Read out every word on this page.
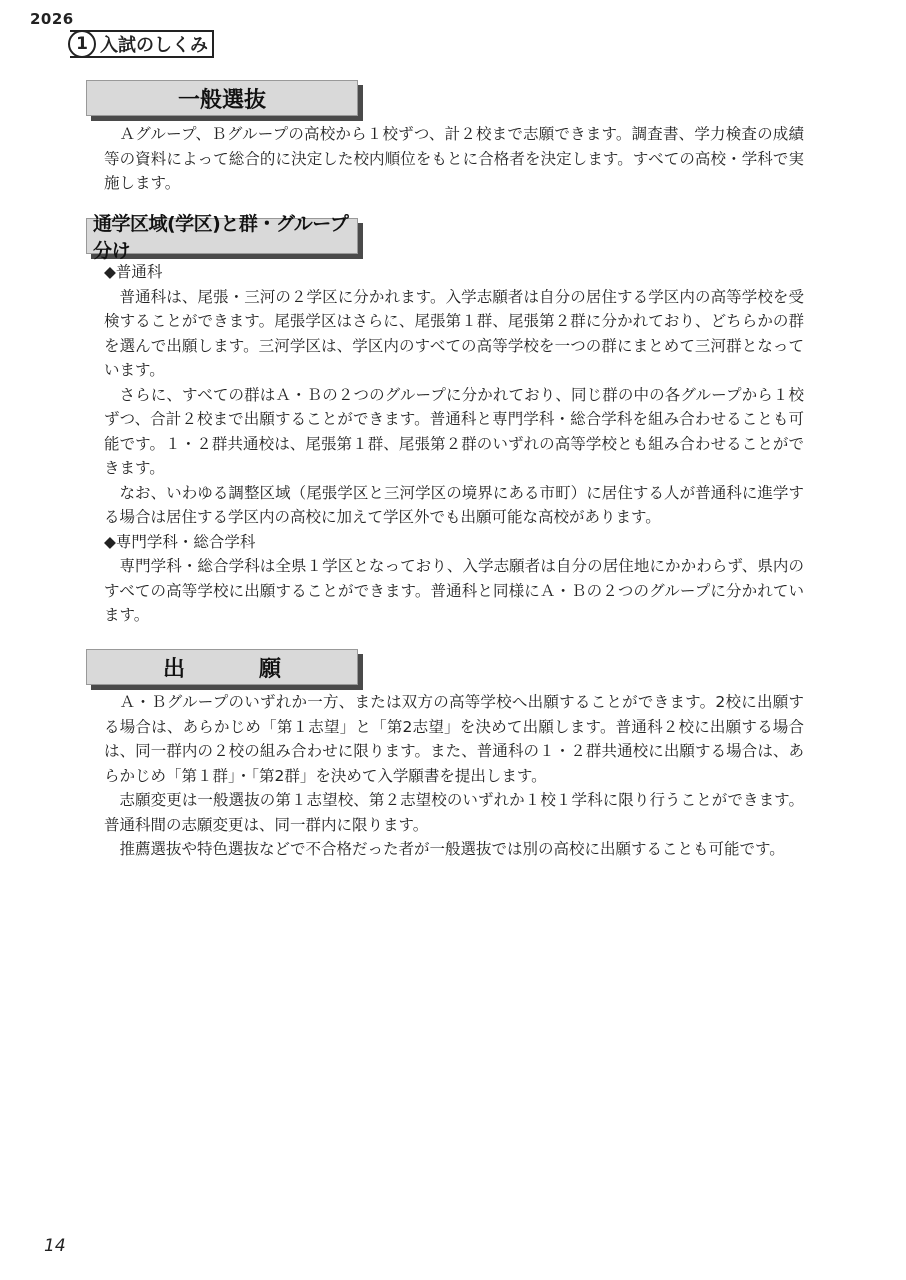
2026
1 入試のしくみ
一般選抜

Ａグループ、Ｂグループの高校から１校ずつ、計２校まで志願できます。調査書、学力検査の成績等の資料によって総合的に決定した校内順位をもとに合格者を決定します。すべての高校・学科で実施します。

通学区域(学区)と群・グループ分け

◆普通科

普通科は、尾張・三河の２学区に分かれます。入学志願者は自分の居住する学区内の高等学校を受検することができます。尾張学区はさらに、尾張第１群、尾張第２群に分かれており、どちらかの群を選んで出願します。三河学区は、学区内のすべての高等学校を一つの群にまとめて三河群となっています。

さらに、すべての群はＡ・Ｂの２つのグループに分かれており、同じ群の中の各グループから１校ずつ、合計２校まで出願することができます。普通科と専門学科・総合学科を組み合わせることも可能です。１・２群共通校は、尾張第１群、尾張第２群のいずれの高等学校とも組み合わせることができます。

なお、いわゆる調整区域（尾張学区と三河学区の境界にある市町）に居住する人が普通科に進学する場合は居住する学区内の高校に加えて学区外でも出願可能な高校があります。

◆専門学科・総合学科

専門学科・総合学科は全県１学区となっており、入学志願者は自分の居住地にかかわらず、県内のすべての高等学校に出願することができます。普通科と同様にＡ・Ｂの２つのグループに分かれています。

出　願

Ａ・Ｂグループのいずれか一方、または双方の高等学校へ出願することができます。2校に出願する場合は、あらかじめ「第１志望」と「第2志望」を決めて出願します。普通科２校に出願する場合は、同一群内の２校の組み合わせに限ります。また、普通科の１・２群共通校に出願する場合は、あらかじめ「第１群」・「第2群」を決めて入学願書を提出します。

志願変更は一般選抜の第１志望校、第２志望校のいずれか１校１学科に限り行うことができます。普通科間の志願変更は、同一群内に限ります。

推薦選抜や特色選抜などで不合格だった者が一般選抜では別の高校に出願することも可能です。

14
